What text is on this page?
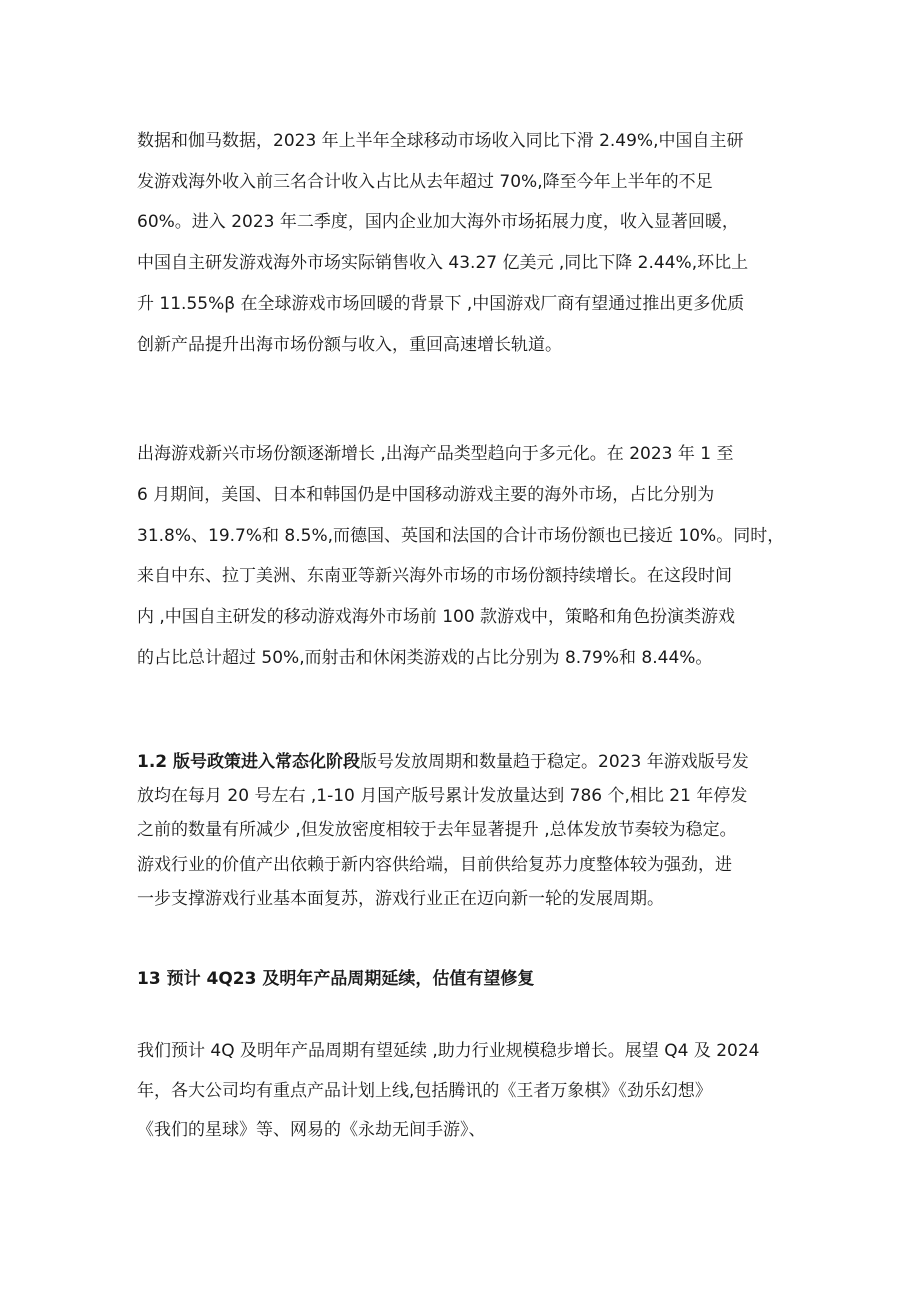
数据和伽马数据，2023 年上半年全球移动市场收入同比下滑 2.49%,中国自主研
发游戏海外收入前三名合计收入占比从去年超过 70%,降至今年上半年的不足
60%。进入 2023 年二季度，国内企业加大海外市场拓展力度，收入显著回暖，
中国自主研发游戏海外市场实际销售收入 43.27 亿美元 ,同比下降 2.44%,环比上
升 11.55%β 在全球游戏市场回暖的背景下 ,中国游戏厂商有望通过推出更多优质
创新产品提升出海市场份额与收入，重回高速增长轨道。

出海游戏新兴市场份额逐渐增长 ,出海产品类型趋向于多元化。在 2023 年 1 至
6 月期间，美国、日本和韩国仍是中国移动游戏主要的海外市场，占比分别为
31.8%、19.7%和 8.5%,而德国、英国和法国的合计市场份额也已接近 10%。同时，
来自中东、拉丁美洲、东南亚等新兴海外市场的市场份额持续增长。在这段时间
内 ,中国自主研发的移动游戏海外市场前 100 款游戏中，策略和角色扮演类游戏
的占比总计超过 50%,而射击和休闲类游戏的占比分别为 8.79%和 8.44%。

1.2 版号政策进入常态化阶段版号发放周期和数量趋于稳定。2023 年游戏版号发
放均在每月 20 号左右 ,1-10 月国产版号累计发放量达到 786 个,相比 21 年停发
之前的数量有所减少 ,但发放密度相较于去年显著提升 ,总体发放节奏较为稳定。
游戏行业的价值产出依赖于新内容供给端，目前供给复苏力度整体较为强劲，进
一步支撑游戏行业基本面复苏，游戏行业正在迈向新一轮的发展周期。

13 预计 4Q23 及明年产品周期延续，估值有望修复

我们预计 4Q 及明年产品周期有望延续 ,助力行业规模稳步增长。展望 Q4 及 2024
年，各大公司均有重点产品计划上线,包括腾讯的《王者万象棋》《劲乐幻想》
《我们的星球》等、网易的《永劫无间手游》、
